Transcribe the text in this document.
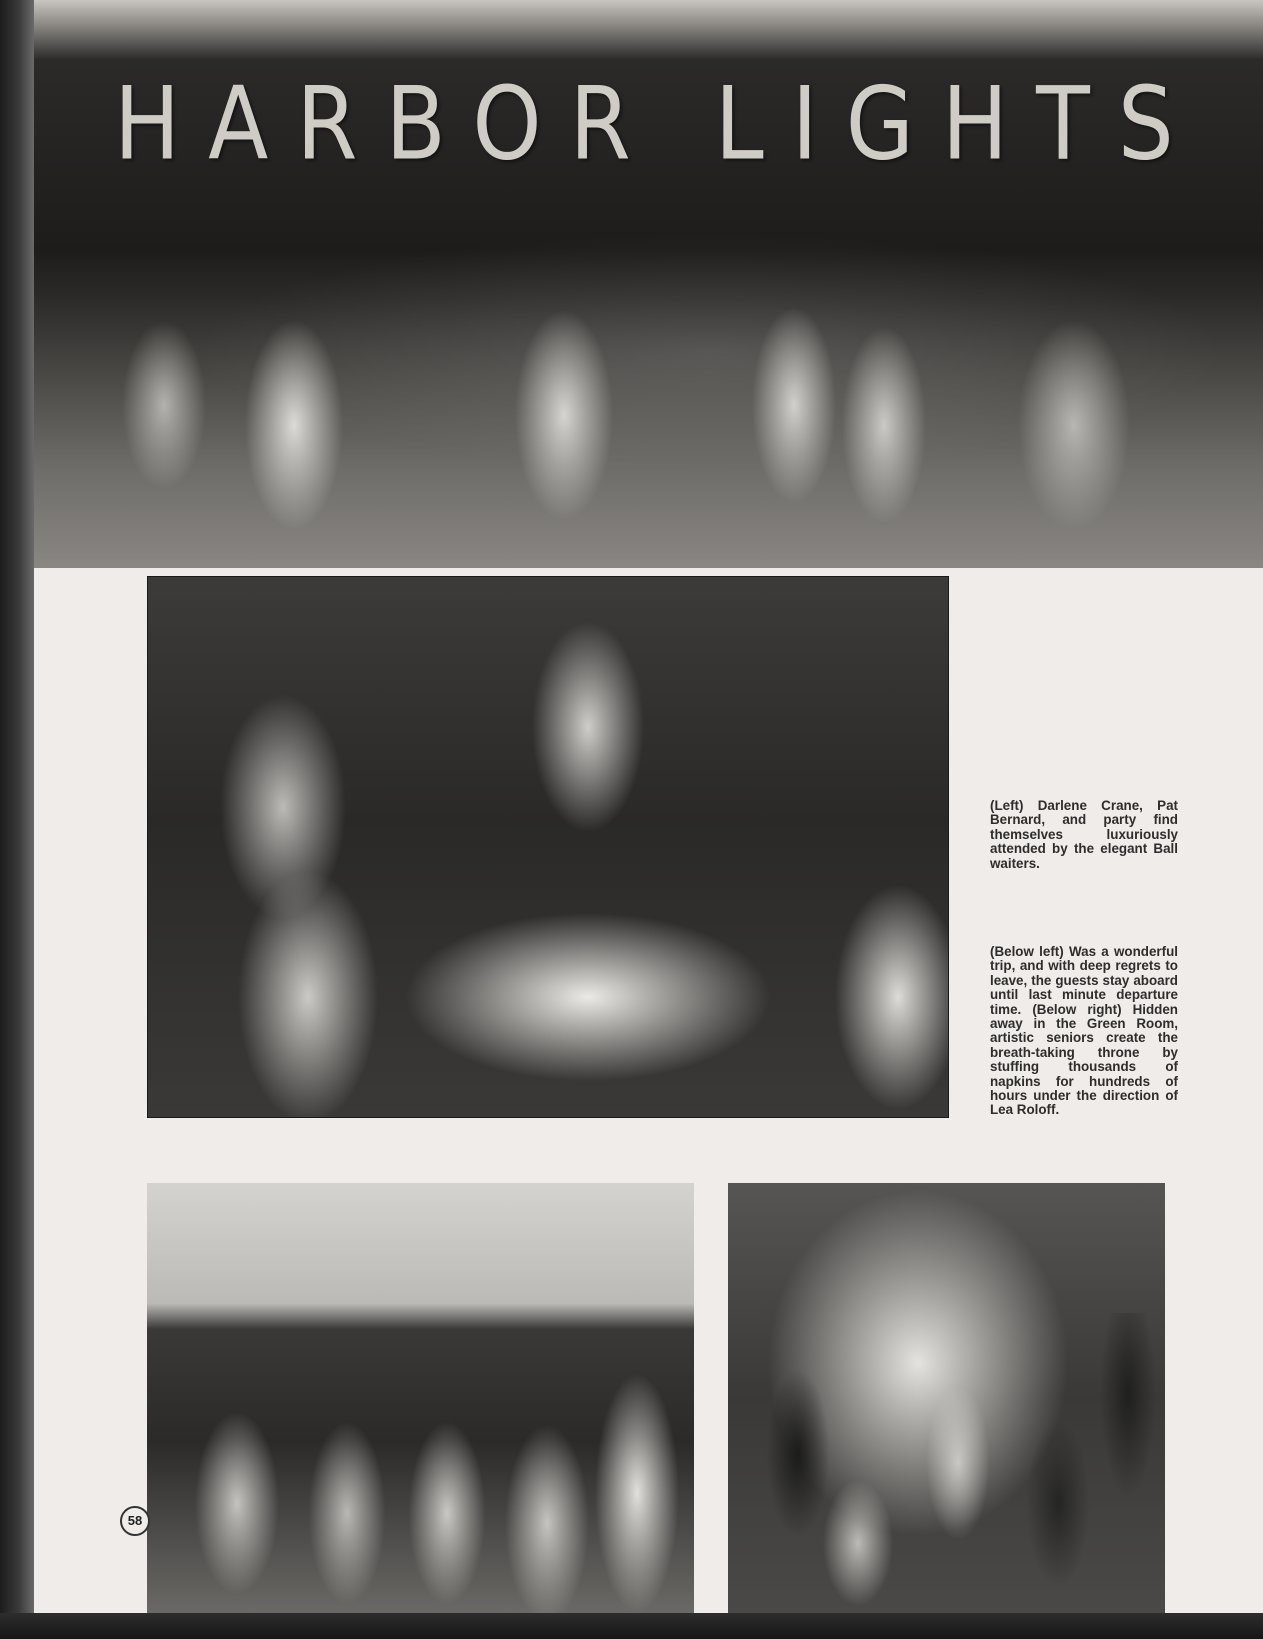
HARBOR LIGHTS

(Left) Darlene Crane, Pat Bernard, and party find themselves luxuriously attended by the elegant Ball waiters.

(Below left) Was a wonderful trip, and with deep regrets to leave, the guests stay aboard until last minute departure time. (Below right) Hidden away in the Green Room, artistic seniors create the breath-taking throne by stuffing thousands of napkins for hundreds of hours under the direction of Lea Roloff.

58
